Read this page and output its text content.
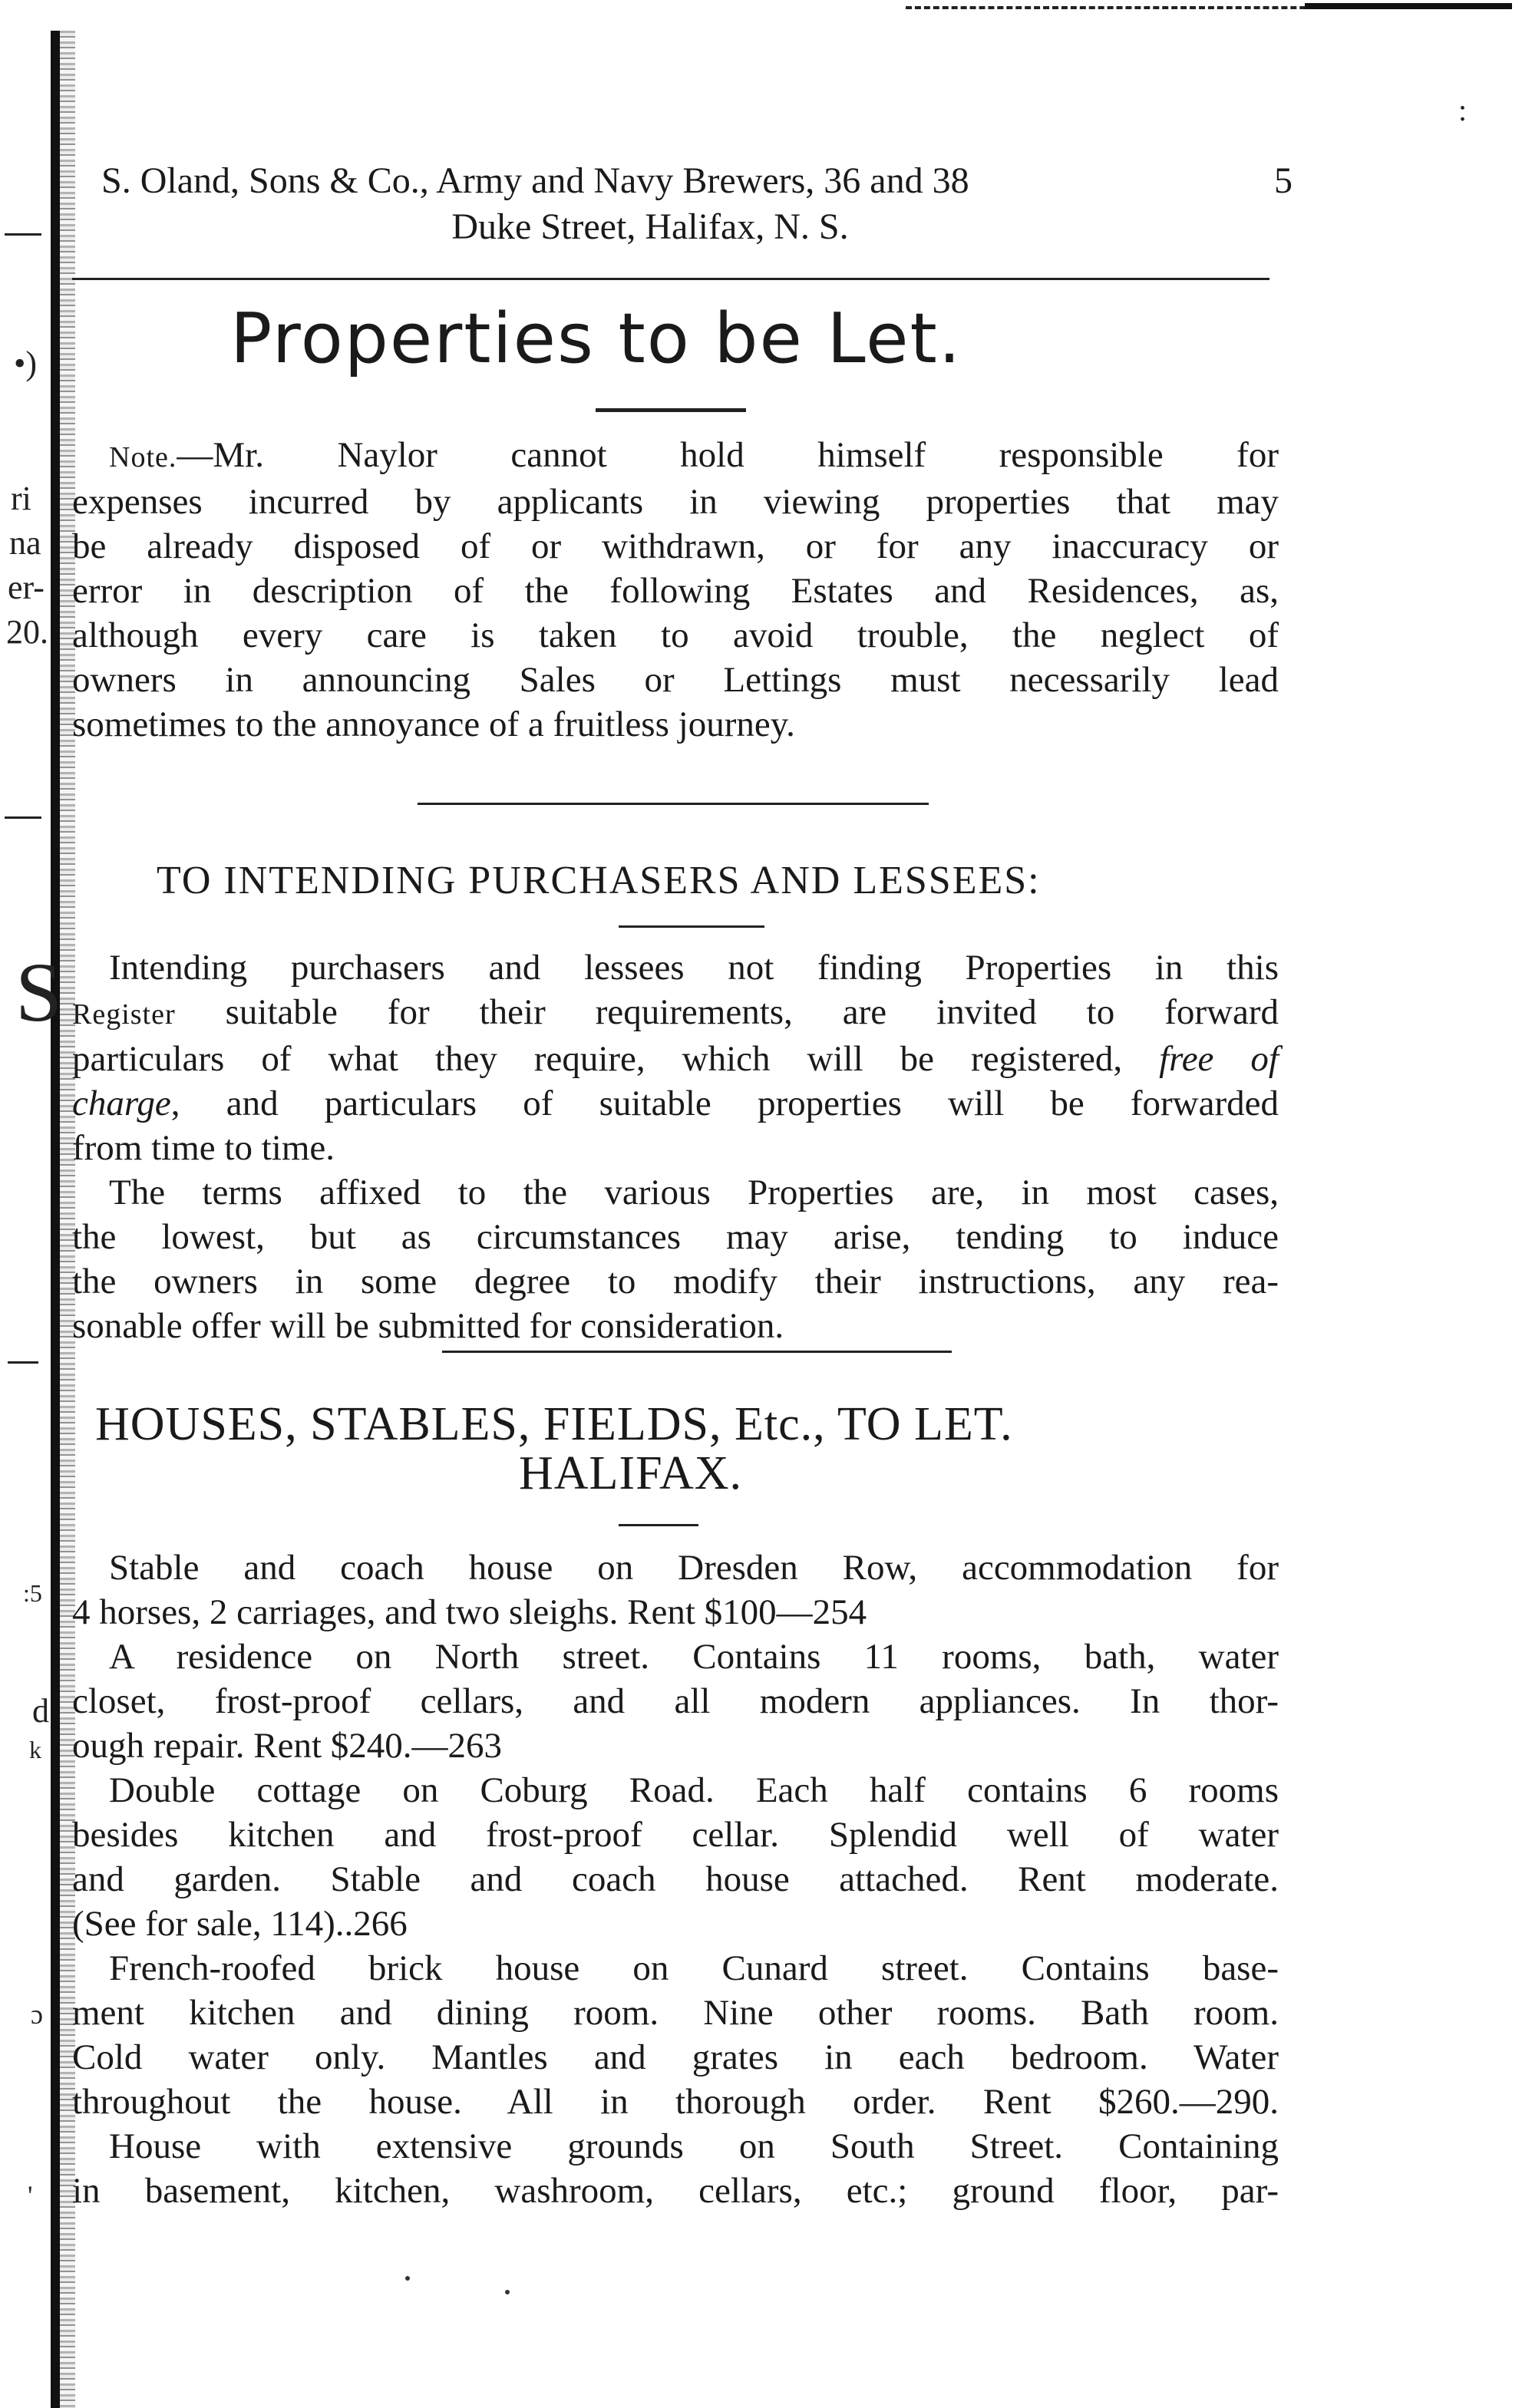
•)
ri
na
er-
20.
S
:5
d
k
ɔ
'
:
S. Oland, Sons & Co., Army and Navy Brewers, 36 and 38	5
Duke Street, Halifax, N. S.
Properties to be Let.
Note.—Mr. Naylor cannot hold himself responsible for
expenses incurred by applicants in viewing properties that may
be already disposed of or withdrawn, or for any inaccuracy or
error in description of the following Estates and Residences, as,
although every care is taken to avoid trouble, the neglect of
owners in announcing Sales or Lettings must necessarily lead
sometimes to the annoyance of a fruitless journey.
TO INTENDING PURCHASERS AND LESSEES:
Intending purchasers and lessees not finding Properties in this
Register suitable for their requirements, are invited to forward
particulars of what they require, which will be registered, free of
charge, and particulars of suitable properties will be forwarded
from time to time.
The terms affixed to the various Properties are, in most cases,
the lowest, but as circumstances may arise, tending to induce
the owners in some degree to modify their instructions, any rea-
sonable offer will be submitted for consideration.
HOUSES, STABLES, FIELDS, Etc., TO LET.
HALIFAX.
Stable and coach house on Dresden Row, accommodation for
4 horses, 2 carriages, and two sleighs. Rent $100—254
A residence on North street. Contains 11 rooms, bath, water
closet, frost-proof cellars, and all modern appliances. In thor-
ough repair. Rent $240.—263
Double cottage on Coburg Road. Each half contains 6 rooms
besides kitchen and frost-proof cellar. Splendid well of water
and garden. Stable and coach house attached. Rent moderate.
(See for sale, 114)..266
French-roofed brick house on Cunard street. Contains base-
ment kitchen and dining room. Nine other rooms. Bath room.
Cold water only. Mantles and grates in each bedroom. Water
throughout the house. All in thorough order. Rent $260.—290.
House with extensive grounds on South Street. Containing
in basement, kitchen, washroom, cellars, etc.; ground floor, par-
